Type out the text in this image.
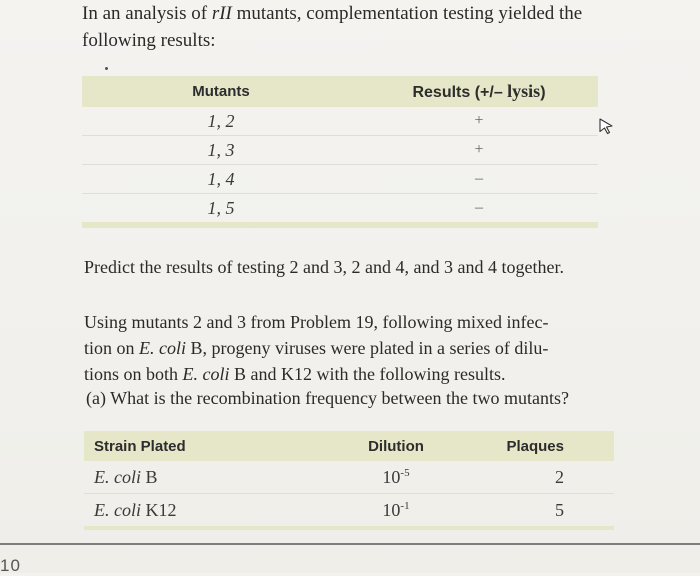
In an analysis of rII mutants, complementation testing yielded the
following results:
Mutants	Results (+/– lysis)
1, 2	+
1, 3	+
1, 4	–
1, 5	–
Predict the results of testing 2 and 3, 2 and 4, and 3 and 4 together.

Using mutants 2 and 3 from Problem 19, following mixed infec-

tion on E. coli B, progeny viruses were plated in a series of dilu-

tions on both E. coli B and K12 with the following results.

(a) What is the recombination frequency between the two mutants?
Strain Plated	Dilution	Plaques
E. coli B	$10^{-5}$	2
E. coli K12	$10^{-1}$	5
10
